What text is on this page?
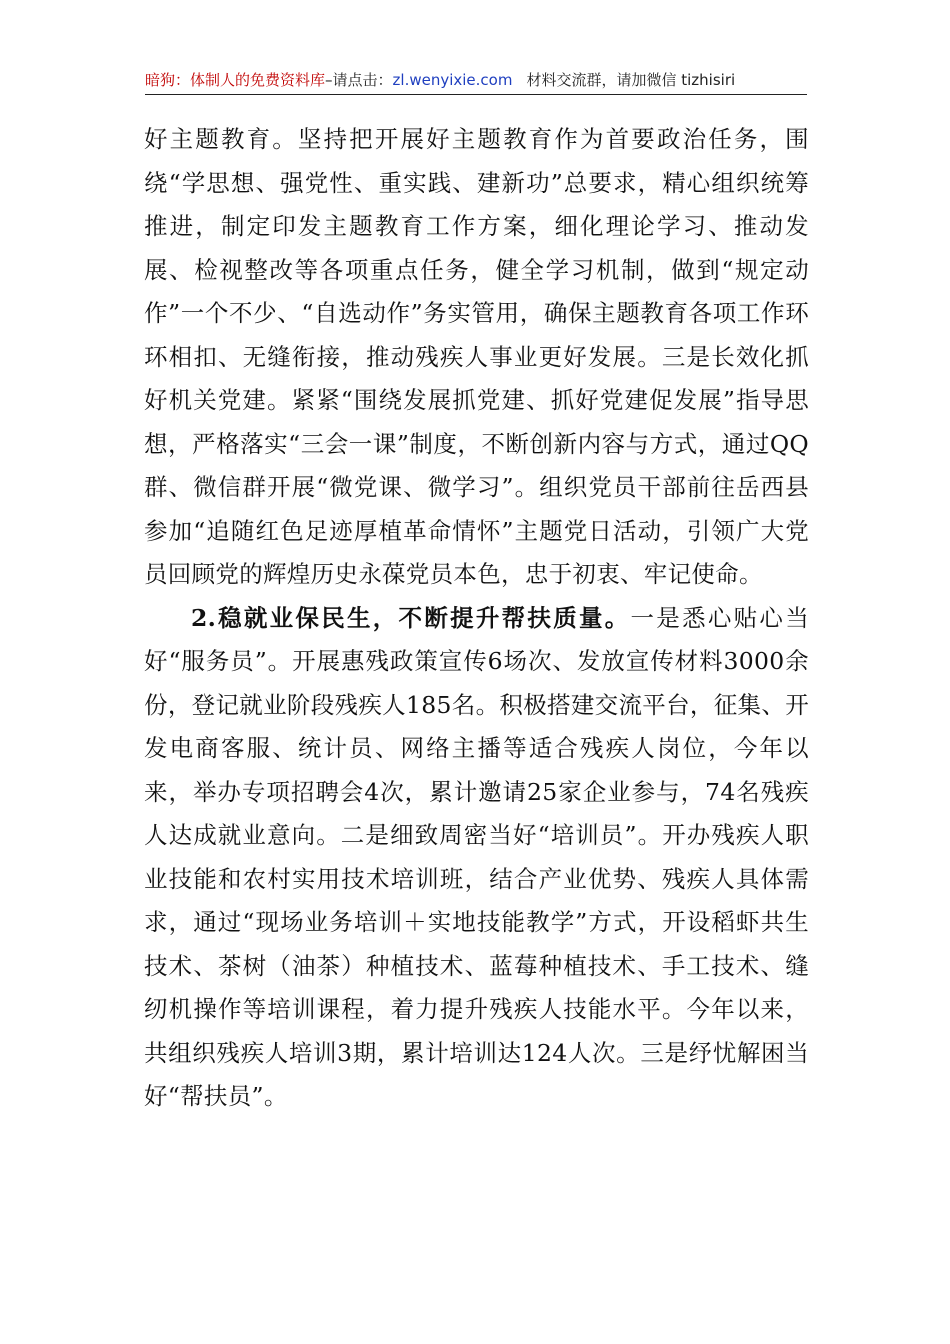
暗狗：体制人的免费资料库–请点击：zl.wenyixie.com 材料交流群，请加微信 tizhisiri

好主题教育。坚持把开展好主题教育作为首要政治任务，围绕“学思想、强党性、重实践、建新功”总要求，精心组织统筹推进，制定印发主题教育工作方案，细化理论学习、推动发展、检视整改等各项重点任务，健全学习机制，做到“规定动作”一个不少、“自选动作”务实管用，确保主题教育各项工作环环相扣、无缝衔接，推动残疾人事业更好发展。三是长效化抓好机关党建。紧紧“围绕发展抓党建、抓好党建促发展”指导思想，严格落实“三会一课”制度，不断创新内容与方式，通过QQ群、微信群开展“微党课、微学习”。组织党员干部前往岳西县参加“追随红色足迹厚植革命情怀”主题党日活动，引领广大党员回顾党的辉煌历史永葆党员本色，忠于初衷、牢记使命。

2.稳就业保民生，不断提升帮扶质量。一是悉心贴心当好“服务员”。开展惠残政策宣传6场次、发放宣传材料3000余份，登记就业阶段残疾人185名。积极搭建交流平台，征集、开发电商客服、统计员、网络主播等适合残疾人岗位，今年以来，举办专项招聘会4次，累计邀请25家企业参与，74名残疾人达成就业意向。二是细致周密当好“培训员”。开办残疾人职业技能和农村实用技术培训班，结合产业优势、残疾人具体需求，通过“现场业务培训＋实地技能教学”方式，开设稻虾共生技术、茶树（油茶）种植技术、蓝莓种植技术、手工技术、缝纫机操作等培训课程，着力提升残疾人技能水平。今年以来，共组织残疾人培训3期，累计培训达124人次。三是纾忧解困当好“帮扶员”。
